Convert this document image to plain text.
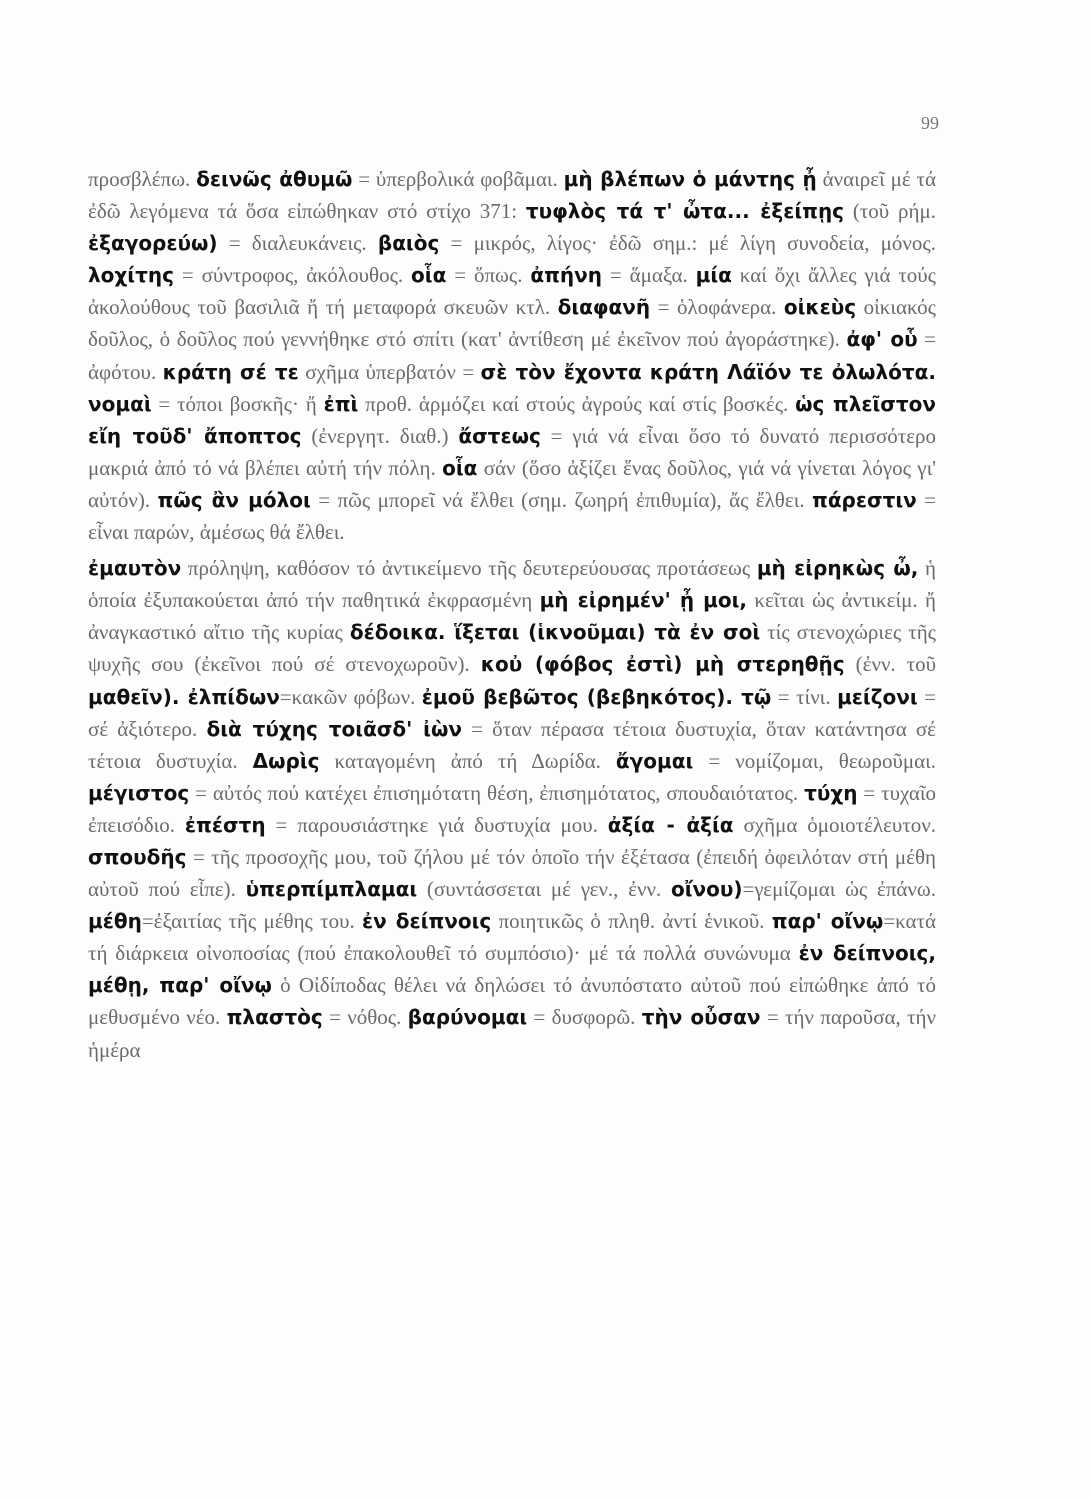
99

προσβλέπω. δεινῶς ἀθυμῶ = ὑπερβολικά φοβᾶμαι. μὴ βλέπων ὁ μάντης ᾖ ἀναιρεῖ μέ τά ἐδῶ λεγόμενα τά ὅσα εἰπώθηκαν στό στίχο 371: τυφλὸς τά τ' ὦτα... ἐξείπῃς (τοῦ ρήμ. ἐξαγορεύω) = διαλευκάνεις. βαιὸς = μικρός, λίγος· ἐδῶ σημ.: μέ λίγη συνοδεία, μόνος. λοχίτης = σύντροφος, ἀκόλουθος. οἷα = ὅπως. ἀπήνη = ἅμαξα. μία καί ὄχι ἄλλες γιά τούς ἀκολούθους τοῦ βασιλιᾶ ἤ τή μεταφορά σκευῶν κτλ. διαφανῆ = ὁλοφάνερα. οἰκεὺς οἰκιακός δοῦλος, ὁ δοῦλος πού γεννήθηκε στό σπίτι (κατ' ἀντίθεση μέ ἐκεῖνον πού ἀγοράστηκε). ἀφ' οὗ = ἀφότου. κράτη σέ τε σχῆμα ὑπερβατόν = σὲ τὸν ἔχοντα κράτη Λάϊόν τε ὀλωλότα. νομαὶ = τόποι βοσκῆς· ἤ ἐπὶ προθ. ἁρμόζει καί στούς ἀγρούς καί στίς βοσκές. ὡς πλεῖστον εἴη τοῦδ' ἄποπτος (ἐνεργητ. διαθ.) ἄστεως = γιά νά εἶναι ὅσο τό δυνατό περισσότερο μακριά ἀπό τό νά βλέπει αὐτή τήν πόλη. οἷα σάν (ὅσο ἀξίζει ἕνας δοῦλος, γιά νά γίνεται λόγος γι' αὐτόν). πῶς ἂν μόλοι = πῶς μπορεῖ νά ἔλθει (σημ. ζωηρή ἐπιθυμία), ἄς ἔλθει. πάρεστιν = εἶναι παρών, ἀμέσως θά ἔλθει.

ἐμαυτὸν πρόληψη, καθόσον τό ἀντικείμενο τῆς δευτερεύουσας προτάσεως μὴ εἰρηκὼς ὦ, ἡ ὁποία ἐξυπακούεται ἀπό τήν παθητικά ἐκφρασμένη μὴ εἰρημέν' ᾖ μοι, κεῖται ὡς ἀντικείμ. ἤ ἀναγκαστικό αἴτιο τῆς κυρίας δέδοικα. ἵξεται (ἱκνοῦμαι) τὰ ἐν σοὶ τίς στενοχώριες τῆς ψυχῆς σου (ἐκεῖνοι πού σέ στενοχωροῦν). κοὐ (φόβος ἐστὶ) μὴ στερηθῇς (ἐνν. τοῦ μαθεῖν). ἐλπίδων=κακῶν φόβων. ἐμοῦ βεβῶτος (βεβηκότος). τῷ = τίνι. μείζονι = σέ ἀξιότερο. διὰ τύχης τοιᾶσδ' ἰὼν = ὅταν πέρασα τέτοια δυστυχία, ὅταν κατάντησα σέ τέτοια δυστυχία. Δωρὶς καταγομένη ἀπό τή Δωρίδα. ἄγομαι = νομίζομαι, θεωροῦμαι. μέγιστος = αὐτός πού κατέχει ἐπισημότατη θέση, ἐπισημότατος, σπουδαιότατος. τύχη = τυχαῖο ἐπεισόδιο. ἐπέστη = παρουσιάστηκε γιά δυστυχία μου. ἀξία - ἀξία σχῆμα ὁμοιοτέλευτον. σπουδῆς = τῆς προσοχῆς μου, τοῦ ζήλου μέ τόν ὁποῖο τήν ἐξέτασα (ἐπειδή ὀφειλόταν στή μέθη αὐτοῦ πού εἶπε). ὑπερπίμπλαμαι (συντάσσεται μέ γεν., ἐνν. οἴνου)=γεμίζομαι ὡς ἐπάνω. μέθη=ἐξαιτίας τῆς μέθης του. ἐν δείπνοις ποιητικῶς ὁ πληθ. ἀντί ἑνικοῦ. παρ' οἴνῳ=κατά τή διάρκεια οἰνοποσίας (πού ἐπακολουθεῖ τό συμπόσιο)· μέ τά πολλά συνώνυμα ἐν δείπνοις, μέθῃ, παρ' οἴνῳ ὁ Οἰδίποδας θέλει νά δηλώσει τό ἀνυπόστατο αὐτοῦ πού εἰπώθηκε ἀπό τό μεθυσμένο νέο. πλαστὸς = νόθος. βαρύνομαι = δυσφορῶ. τὴν οὖσαν = τήν παροῦσα, τήν ἡμέρα
